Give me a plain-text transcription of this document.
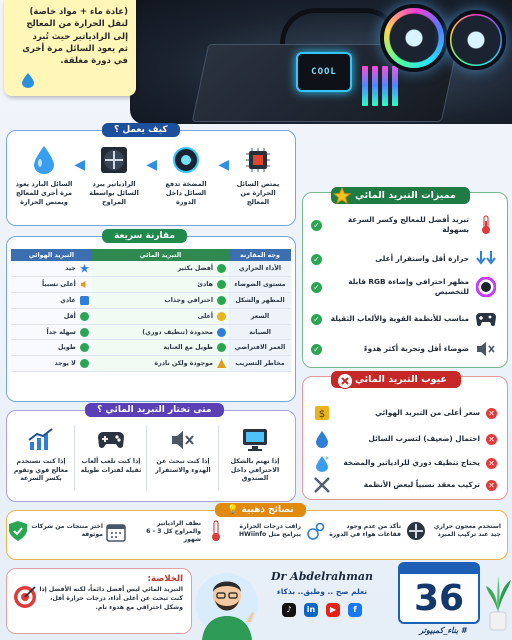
COOL
(عادة ماء + مواد خاصة)
لنقل الحرارة من المعالج
إلى الرادياتير حيث تُبرد
ثم يعود السائل مرة أخرى
في دورة مغلقة.
كيف يعمل ؟
يمتص السائل الحرارة من المعالج
◀
المضخة تدفع السائل داخل الدورة
◀
الرادياتير يبرد السائل بواسطة المراوح
◀
السائل البارد يعود مرة أخرى للمعالج ويمتص الحرارة
مقارنة سريعة
وجه المقارنة	التبريد المائي	التبريد الهوائي
الأداء الحراري	أفضل بكثير	جيد

مستوى الضوضاء	هادئ	أعلى نسبياً

المظهر والشكل	احترافي وجذاب	عادي

السعر	أعلى	أقل

الصيانة	محدودة (تنظيف دوري)	سهلة جداً

العمر الافتراضي	طويل مع العناية	طويل

مخاطر التسريب	موجودة ولكن نادرة	لا يوجد
مميزات التبريد المائي
تبريد أفضل للمعالج وكسر السرعة بسهولة
✓
حرارة أقل واستقرار أعلى
✓
مظهر احترافي وإضاءة RGB قابلة للتخصيص
✓
مناسب للأنظمة القوية والألعاب الثقيلة
✓
ضوضاء أقل وتجربة أكثر هدوءً
✓
عيوب التبريد المائي
✕
سعر أعلى من التبريد الهوائي
$
✕
احتمال (ضعيف) لتسرب السائل
✕
يحتاج تنظيف دوري للرادياتير والمضخة
✕
تركيب معقد نسبياً لبعض الأنظمة
متى تختار التبريد المائي ؟
إذا تهتم بالشكل الاحترافي داخل الصندوق
إذا كنت تبحث عن الهدوء والاستقرار
إذا كنت تلعب ألعاب ثقيلة لفترات طويلة
إذا كنت تستخدم معالج قوي وتقوم بكسر السرعة
نصائح ذهبية 💡
استخدم معجون حراري جيد عند تركيب المبرد
تأكد من عدم وجود فقاعات هواء في الدورة
راقب درجات الحرارة ببرامج مثل HWiinfo
نظف الرادياتير والمراوح كل 3 - 6 شهور
اختر منتجات من شركات موثوقة
الخلاصة:
التبريد المائي ليس أفضل دائماً، لكنه الأفضل إذا كنت تبحث عن أعلى أداء، درجات حرارة أقل، وشكل احترافي مع هدوء تام.
Dr Abdelrahman
تعلم صح .. وطبق.. بذكاء
f
▶
in
♪	36
# بناء_كمبيوتر
